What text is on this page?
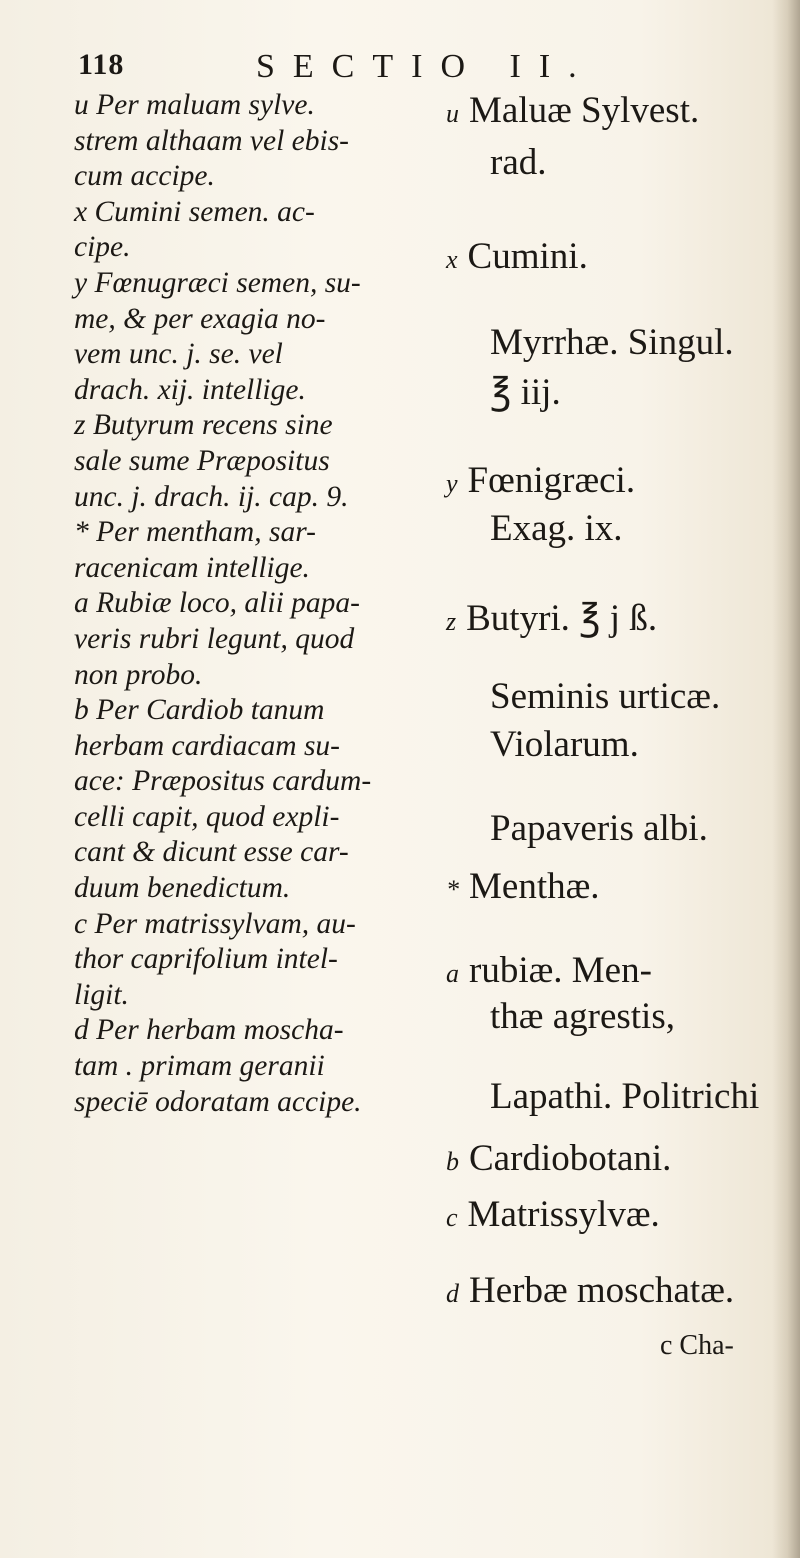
118	SECTIO II.
u Per maluam sylve.
strem althaam vel ebis-
cum accipe.
x Cumini semen. ac-
cipe.
y Fœnugræci semen, su-
me, & per exagia no-
vem unc. j. se. vel
drach. xij. intellige.
z Butyrum recens sine
sale sume Præpositus
unc. j. drach. ij. cap. 9.
* Per mentham, sar-
racenicam intellige.
a Rubiæ loco, alii papa-
veris rubri legunt, quod
non probo.
b Per Cardiob tanum
herbam cardiacam su-
ace: Præpositus cardum-
celli capit, quod expli-
cant & dicunt esse car-
duum benedictum.
c Per matrissylvam, au-
thor caprifolium intel-
ligit.
d Per herbam moscha-
tam . primam geranii
speciē odoratam accipe.
u Maluæ Sylvest.
rad.
x Cumini.
Myrrhæ. Singul.
℥ iij.
y Fœnigræci.
Exag. ix.
z Butyri. ℥ j ß.
Seminis urticæ.
Violarum.
Papaveris albi.
* Menthæ.
a rubiæ. Men-
thæ agrestis,
Lapathi. Politrichi
b Cardiobotani.
c Matrissylvæ.
d Herbæ moschatæ.
c Cha-
